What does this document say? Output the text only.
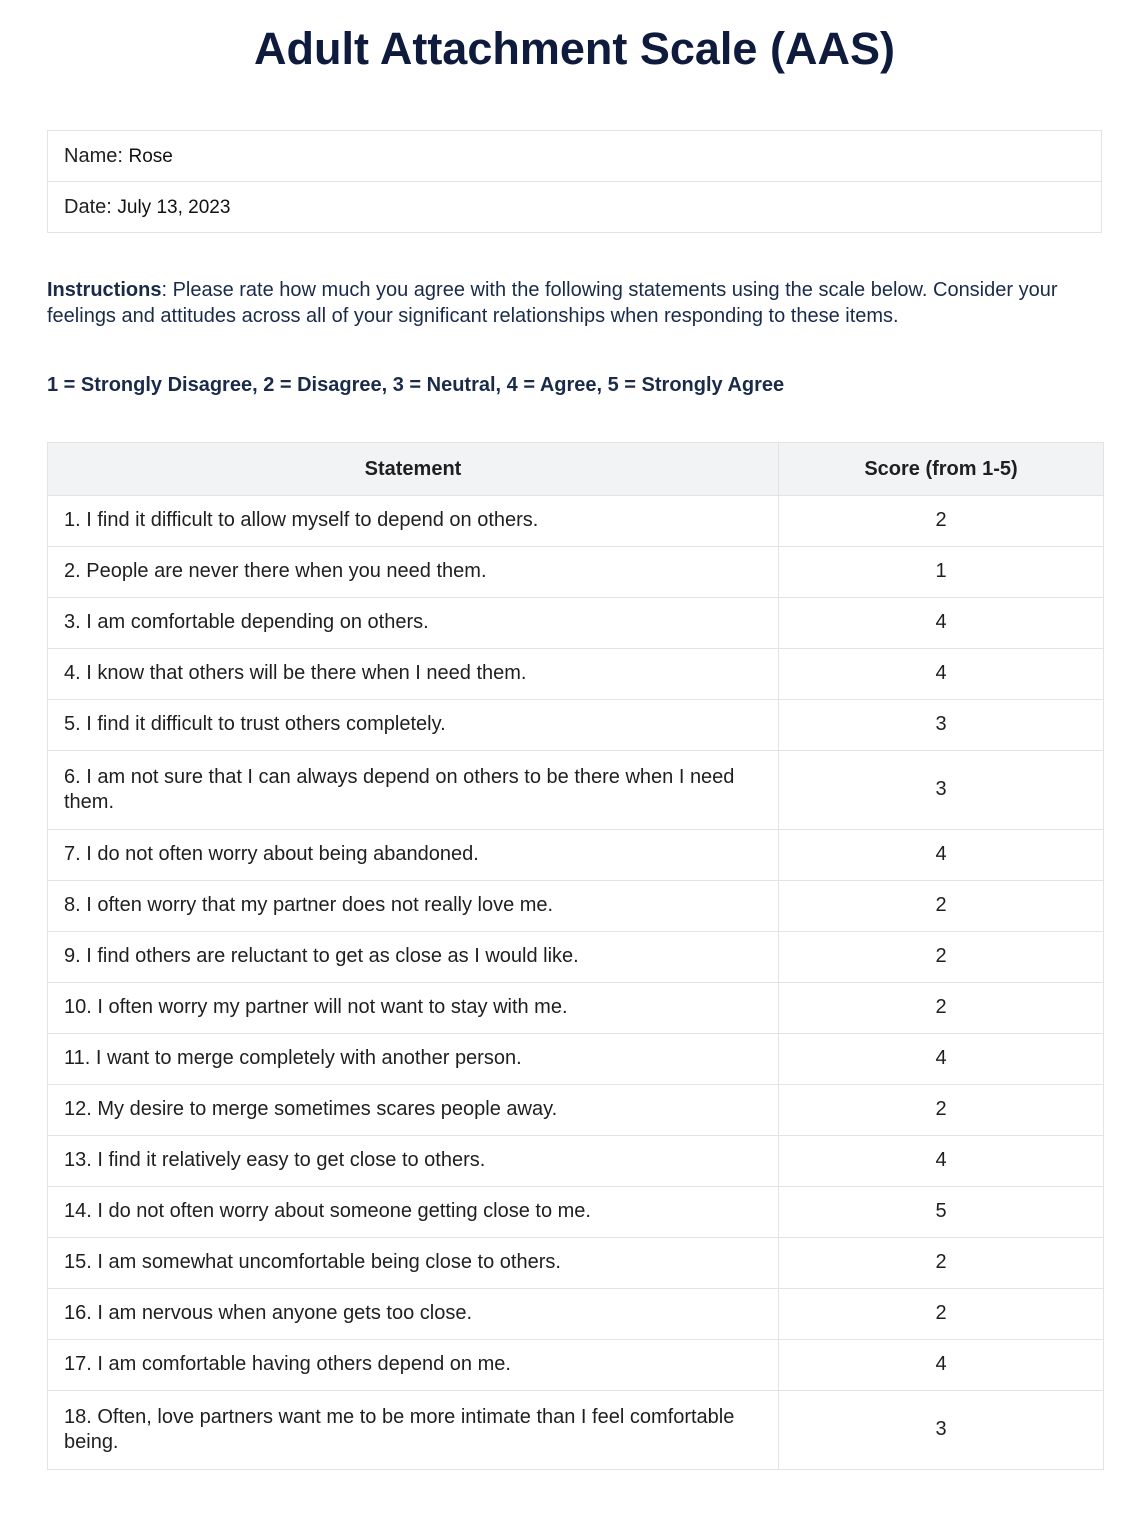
Adult Attachment Scale (AAS)
Name: Rose
Date: July 13, 2023

Instructions: Please rate how much you agree with the following statements using the scale below. Consider your feelings and attitudes across all of your significant relationships when responding to these items.

1 = Strongly Disagree, 2 = Disagree, 3 = Neutral, 4 = Agree, 5 = Strongly Agree

Statement	Score (from 1-5)
1. I find it difficult to allow myself to depend on others.	2
2. People are never there when you need them.	1
3. I am comfortable depending on others.	4
4. I know that others will be there when I need them.	4
5. I find it difficult to trust others completely.	3
6. I am not sure that I can always depend on others to be there when I need them.	3
7. I do not often worry about being abandoned.	4
8. I often worry that my partner does not really love me.	2
9. I find others are reluctant to get as close as I would like.	2
10. I often worry my partner will not want to stay with me.	2
11. I want to merge completely with another person.	4
12. My desire to merge sometimes scares people away.	2
13. I find it relatively easy to get close to others.	4
14. I do not often worry about someone getting close to me.	5
15. I am somewhat uncomfortable being close to others.	2
16. I am nervous when anyone gets too close.	2
17. I am comfortable having others depend on me.	4
18. Often, love partners want me to be more intimate than I feel comfortable being.	3
